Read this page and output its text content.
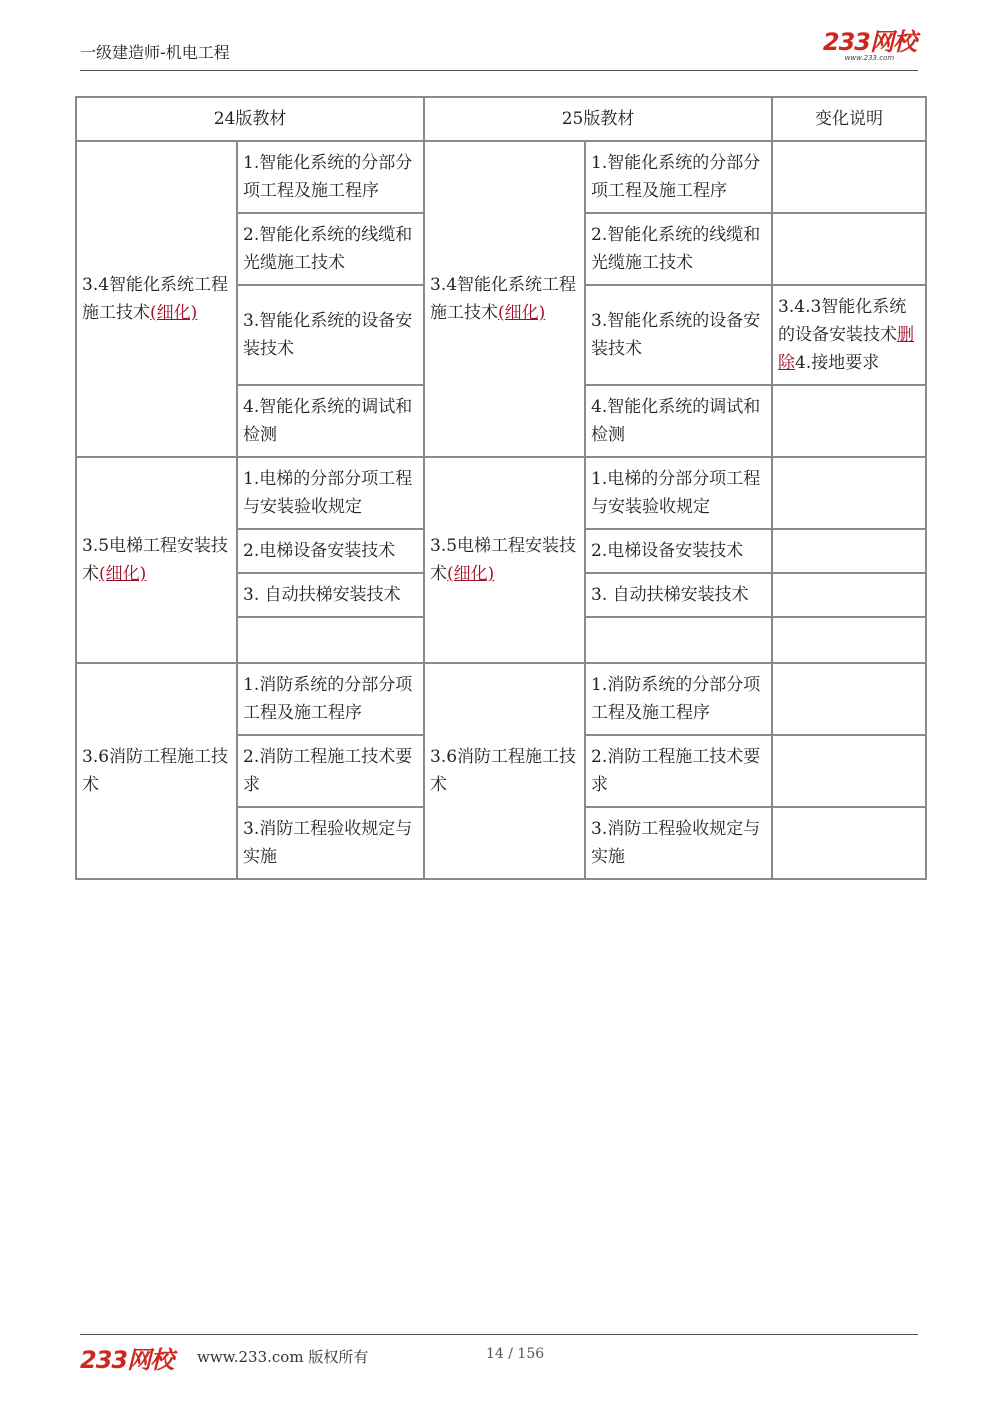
一级建造师-机电工程	233网校
www.233.com
24版教材		25版教材		变化说明
3.4智能化系统工程施工技术(细化)	1.智能化系统的分部分项工程及施工程序	3.4智能化系统工程施工技术(细化)	1.智能化系统的分部分项工程及施工程序	
	2.智能化系统的线缆和光缆施工技术		2.智能化系统的线缆和光缆施工技术	
	3.智能化系统的设备安装技术		3.智能化系统的设备安装技术	3.4.3智能化系统的设备安装技术删除4.接地要求
	4.智能化系统的调试和检测		4.智能化系统的调试和检测	
3.5电梯工程安装技术(细化)	1.电梯的分部分项工程与安装验收规定	3.5电梯工程安装技术(细化)	1.电梯的分部分项工程与安装验收规定	
	2.电梯设备安装技术		2.电梯设备安装技术	
	3. 自动扶梯安装技术		3. 自动扶梯安装技术	

3.6消防工程施工技术	1.消防系统的分部分项工程及施工程序	3.6消防工程施工技术	1.消防系统的分部分项工程及施工程序	
	2.消防工程施工技术要求		2.消防工程施工技术要求	
	3.消防工程验收规定与实施		3.消防工程验收规定与实施	
233网校 www.233.com 版权所有	14 / 156
